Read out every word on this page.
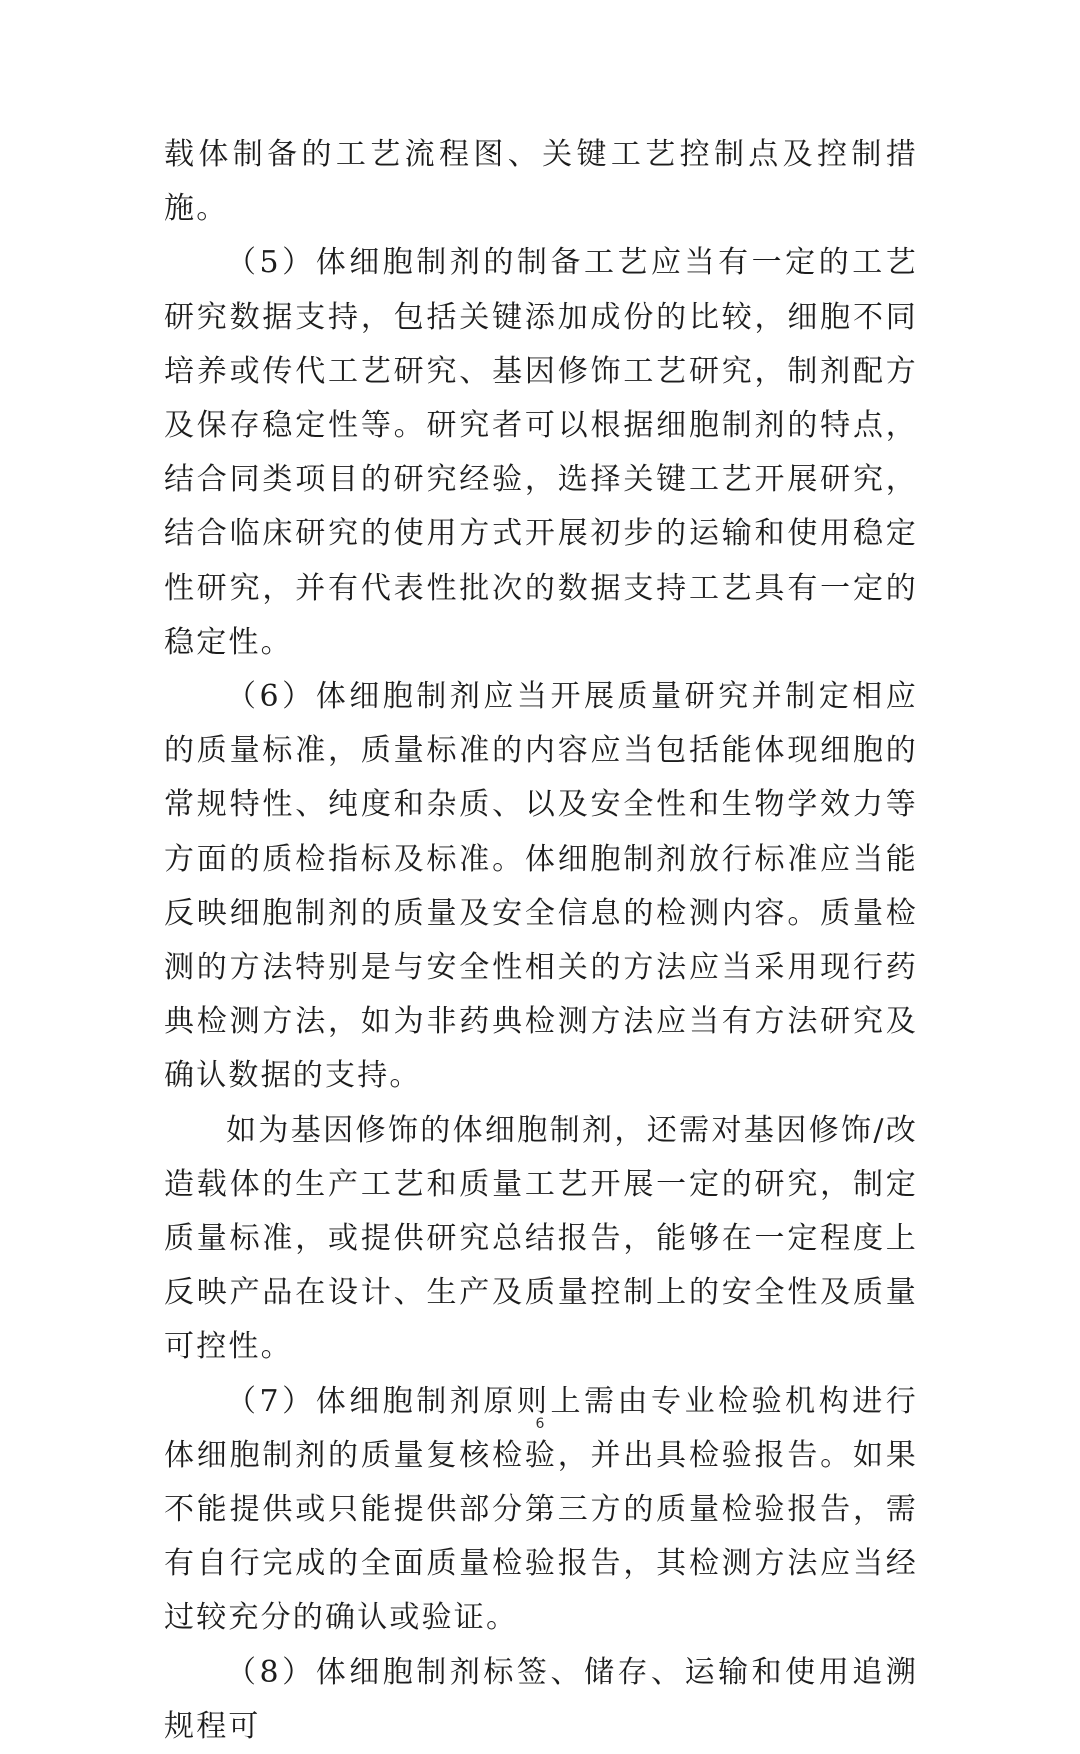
载体制备的工艺流程图、关键工艺控制点及控制措施。

（5）体细胞制剂的制备工艺应当有一定的工艺研究数据支持，包括关键添加成份的比较，细胞不同培养或传代工艺研究、基因修饰工艺研究，制剂配方及保存稳定性等。研究者可以根据细胞制剂的特点，结合同类项目的研究经验，选择关键工艺开展研究，结合临床研究的使用方式开展初步的运输和使用稳定性研究，并有代表性批次的数据支持工艺具有一定的稳定性。

（6）体细胞制剂应当开展质量研究并制定相应的质量标准，质量标准的内容应当包括能体现细胞的常规特性、纯度和杂质、以及安全性和生物学效力等方面的质检指标及标准。体细胞制剂放行标准应当能反映细胞制剂的质量及安全信息的检测内容。质量检测的方法特别是与安全性相关的方法应当采用现行药典检测方法，如为非药典检测方法应当有方法研究及确认数据的支持。

如为基因修饰的体细胞制剂，还需对基因修饰/改造载体的生产工艺和质量工艺开展一定的研究，制定质量标准，或提供研究总结报告，能够在一定程度上反映产品在设计、生产及质量控制上的安全性及质量可控性。

（7）体细胞制剂原则上需由专业检验机构进行体细胞制剂的质量复核检验，并出具检验报告。如果不能提供或只能提供部分第三方的质量检验报告，需有自行完成的全面质量检验报告，其检测方法应当经过较充分的确认或验证。

（8）体细胞制剂标签、储存、运输和使用追溯规程可

6
